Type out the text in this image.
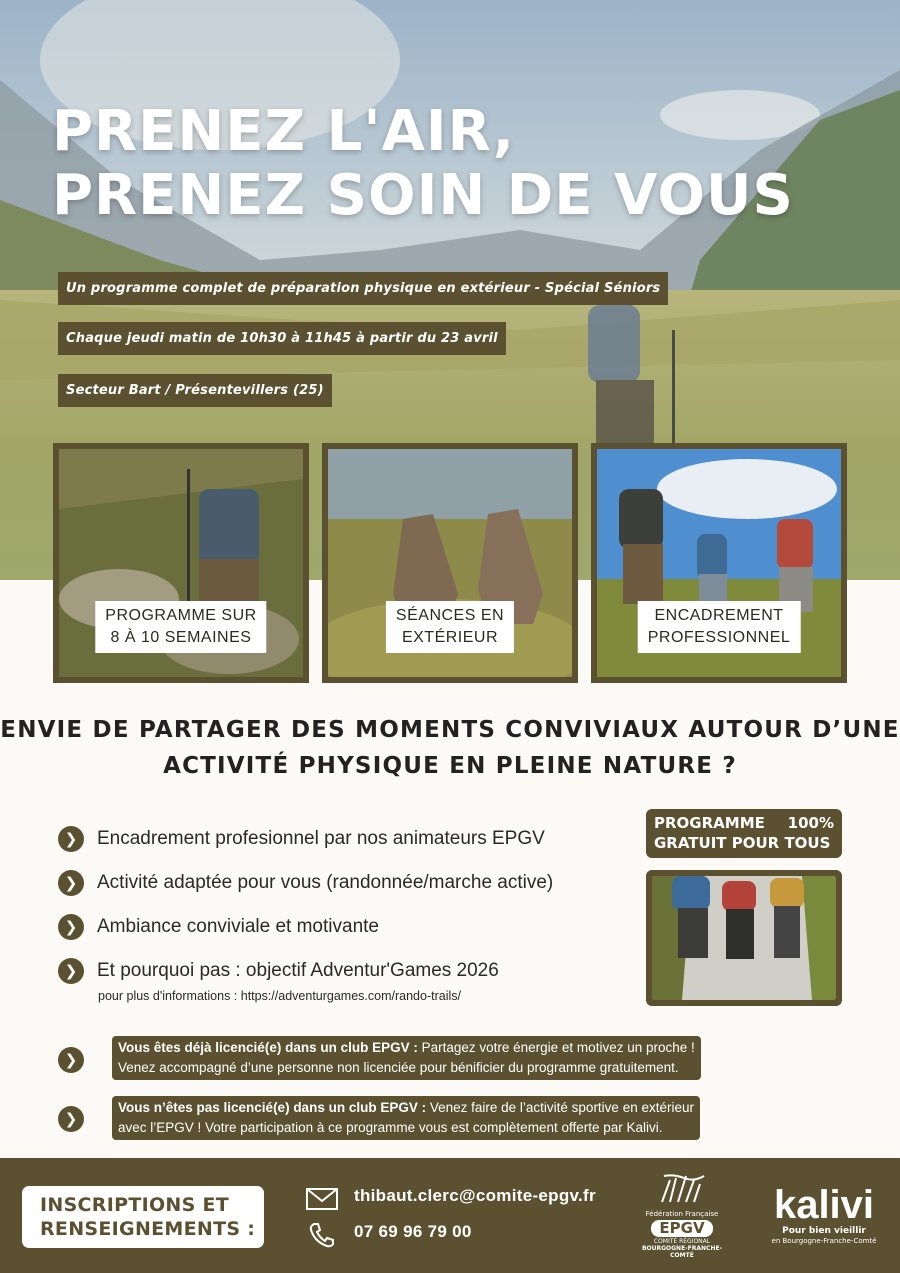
PRENEZ L'AIR,
PRENEZ SOIN DE VOUS
Un programme complet de préparation physique en extérieur - Spécial Séniors
Chaque jeudi matin de 10h30 à 11h45 à partir du 23 avril
Secteur Bart / Présentevillers (25)
PROGRAMME SUR
8 À 10 SEMAINES
SÉANCES EN
EXTÉRIEUR
ENCADREMENT
PROFESSIONNEL
ENVIE DE PARTAGER DES MOMENTS CONVIVIAUX AUTOUR D’UNE
ACTIVITÉ PHYSIQUE EN PLEINE NATURE ?
❯	Encadrement profesionnel par nos animateurs EPGV
❯	Activité adaptée pour vous (randonnée/marche active)
❯	Ambiance conviviale et motivante
❯	Et pourquoi pas : objectif Adventur'Games 2026
pour plus d'informations : https://adventurgames.com/rando-trails/
PROGRAMME 100%
GRATUIT POUR TOUS
❯
Vous êtes déjà licencié(e) dans un club EPGV : Partagez votre énergie et motivez un proche !
Venez accompagné d’une personne non licenciée pour bénificier du programme gratuitement.
❯
Vous n’êtes pas licencié(e) dans un club EPGV : Venez faire de l’activité sportive en extérieur
avec l’EPGV ! Votre participation à ce programme vous est complètement offerte par Kalivi.
INSCRIPTIONS ET
RENSEIGNEMENTS :
thibaut.clerc@comite-epgv.fr
07 69 96 79 00
Fédération Française
EPGV
COMITÉ RÉGIONAL
BOURGOGNE-FRANCHE-COMTÉ
kalivi
Pour bien vieillir
en Bourgogne-Franche-Comté
